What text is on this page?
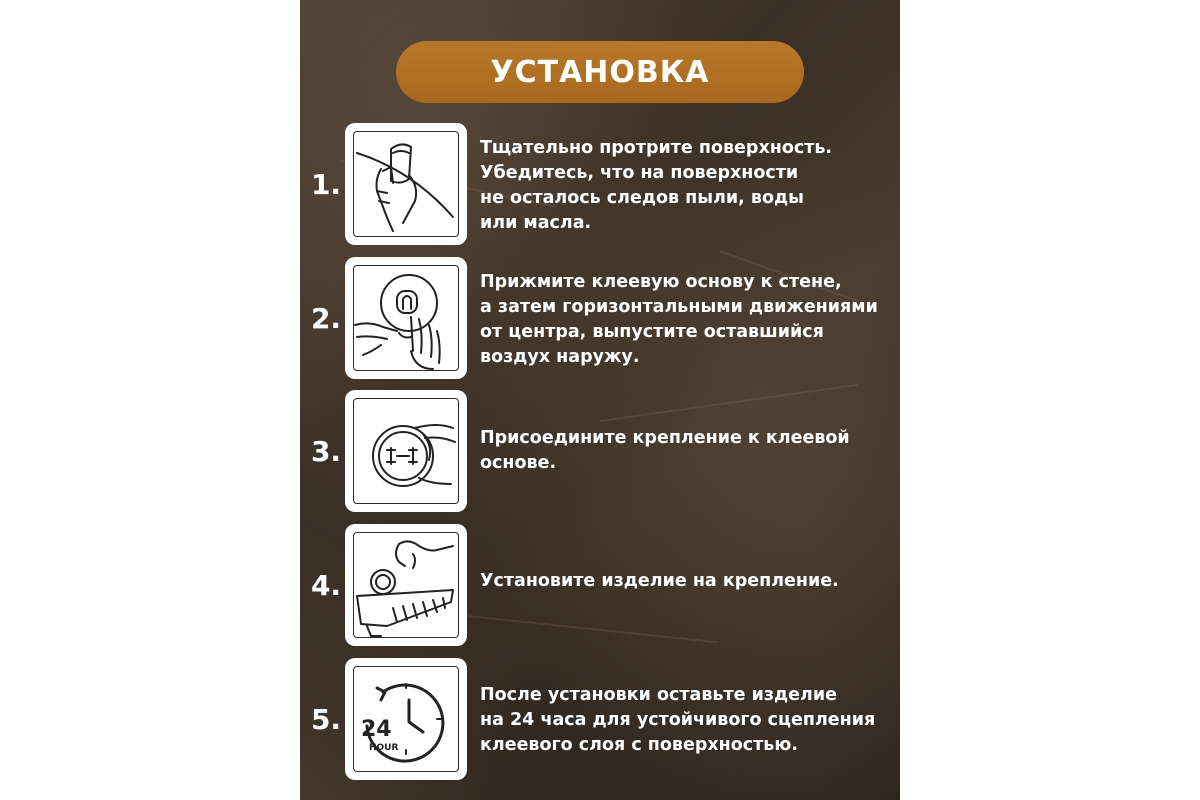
УСТАНОВКА
1.
Тщательно протрите поверхность.
Убедитесь, что на поверхности
не осталось следов пыли, воды
или масла.
2.
Прижмите клеевую основу к стене,
а затем горизонтальными движениями
от центра, выпустите оставшийся
воздух наружу.
3.	Присоедините крепление к клеевой
основе.
4.	Установите изделие на крепление.
5. 24
HOUR
После установки оставьте изделие
на 24 часа для устойчивого сцепления
клеевого слоя с поверхностью.
